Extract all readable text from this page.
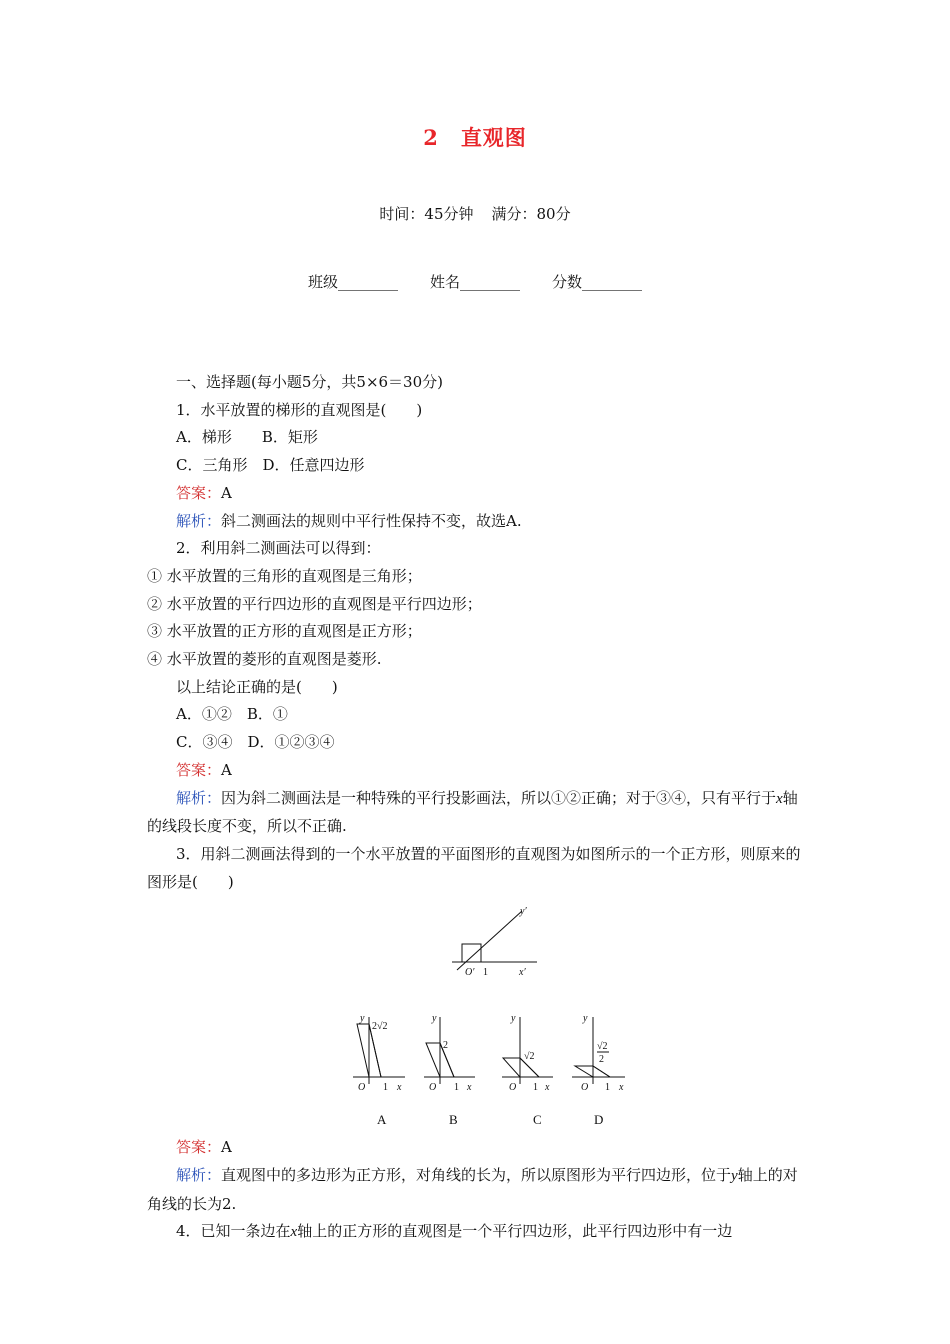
2 直观图
时间：45分钟 满分：80分
班级________ 姓名________ 分数________

一、选择题(每小题5分，共5×6＝30分)

1．水平放置的梯形的直观图是(　　)

A．梯形　　B．矩形

C．三角形　D．任意四边形

答案：A

解析：斜二测画法的规则中平行性保持不变，故选A.

2．利用斜二测画法可以得到：

① 水平放置的三角形的直观图是三角形；

② 水平放置的平行四边形的直观图是平行四边形；

③ 水平放置的正方形的直观图是正方形；

④ 水平放置的菱形的直观图是菱形.

以上结论正确的是(　　)

A．①②　B．①

C．③④　D．①②③④

答案：A

解析：因为斜二测画法是一种特殊的平行投影画法，所以①②正确；对于③④，只有平行于x轴的线段长度不变，所以不正确.

3．用斜二测画法得到的一个水平放置的平面图形的直观图为如图所示的一个正方形，则原来的图形是(　　)

O′ 1	x′
y′
2√2
y
O 1 x
A
2
y
O 1 x
B
√2
y
O 1 x
C
√2
2
y
O 1 x
D

答案：A

解析：直观图中的多边形为正方形，对角线的长为，所以原图形为平行四边形，位于y轴上的对角线的长为2.

4．已知一条边在x轴上的正方形的直观图是一个平行四边形，此平行四边形中有一边
